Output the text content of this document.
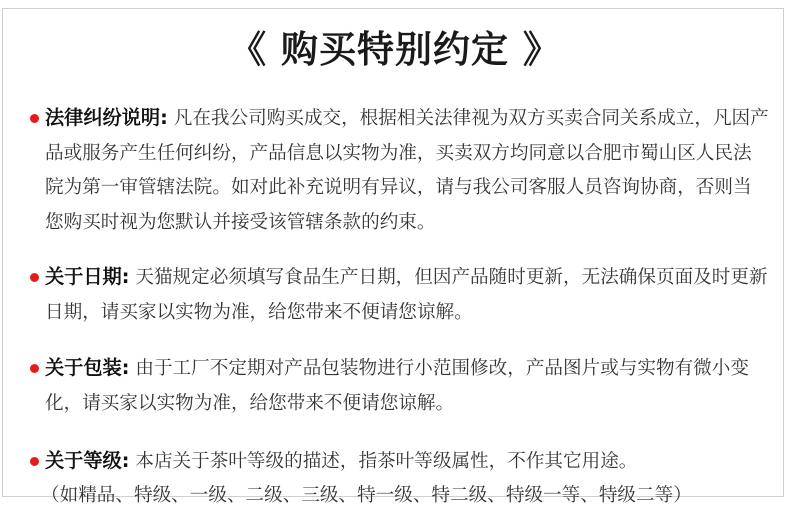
《 购买特别约定 》
法律纠纷说明: 凡在我公司购买成交，根据相关法律视为双方买卖合同关系成立，凡因产品或服务产生任何纠纷，产品信息以实物为准，买卖双方均同意以合肥市蜀山区人民法院为第一审管辖法院。如对此补充说明有异议，请与我公司客服人员咨询协商，否则当您购买时视为您默认并接受该管辖条款的约束。
关于日期: 天猫规定必须填写食品生产日期，但因产品随时更新，无法确保页面及时更新日期，请买家以实物为准，给您带来不便请您谅解。
关于包装: 由于工厂不定期对产品包装物进行小范围修改，产品图片或与实物有微小变化，请买家以实物为准，给您带来不便请您谅解。
关于等级: 本店关于茶叶等级的描述，指茶叶等级属性，不作其它用途。
（如精品、特级、一级、二级、三级、特一级、特二级、特级一等、特级二等）
